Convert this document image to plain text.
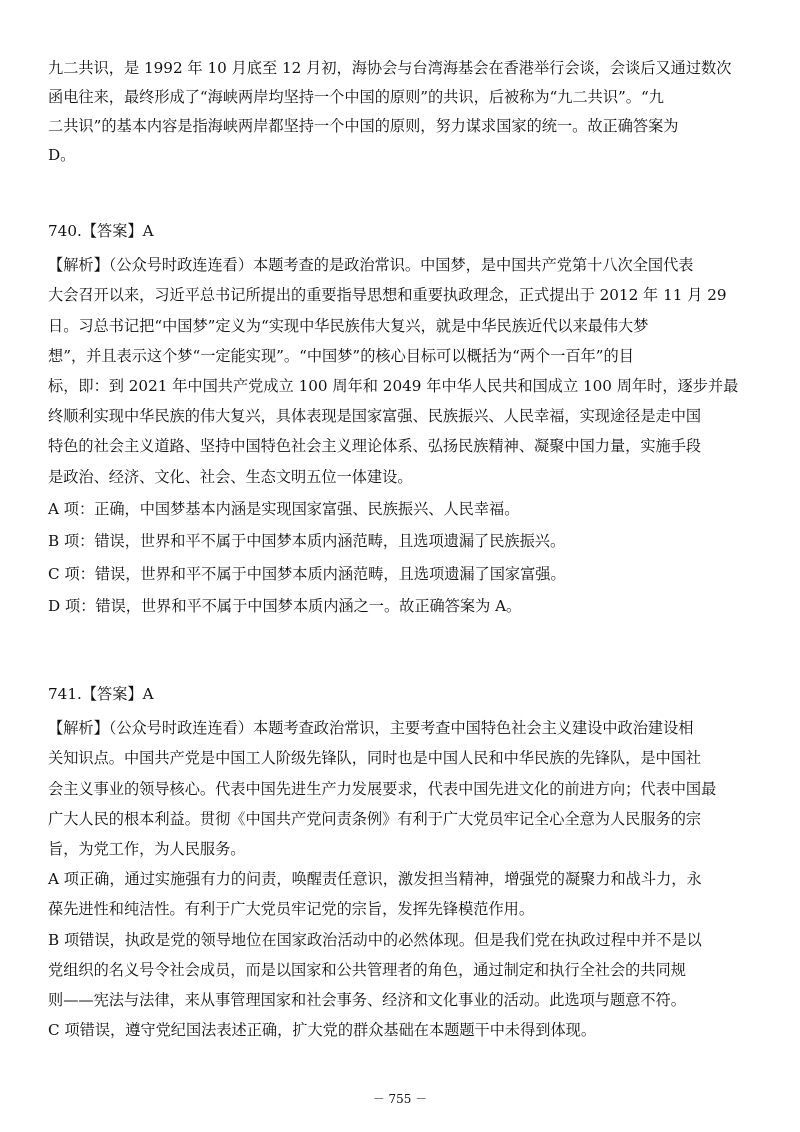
九二共识，是 1992 年 10 月底至 12 月初，海协会与台湾海基会在香港举行会谈，会谈后又通过数次

函电往来，最终形成了“海峡两岸均坚持一个中国的原则”的共识，后被称为“九二共识”。“九

二共识”的基本内容是指海峡两岸都坚持一个中国的原则，努力谋求国家的统一。故正确答案为

D。

740.【答案】A

【解析】（公众号时政连连看）本题考查的是政治常识。中国梦，是中国共产党第十八次全国代表

大会召开以来，习近平总书记所提出的重要指导思想和重要执政理念，正式提出于 2012 年 11 月 29

日。习总书记把“中国梦”定义为“实现中华民族伟大复兴，就是中华民族近代以来最伟大梦

想”，并且表示这个梦“一定能实现”。“中国梦”的核心目标可以概括为“两个一百年”的目

标，即：到 2021 年中国共产党成立 100 周年和 2049 年中华人民共和国成立 100 周年时，逐步并最

终顺利实现中华民族的伟大复兴，具体表现是国家富强、民族振兴、人民幸福，实现途径是走中国

特色的社会主义道路、坚持中国特色社会主义理论体系、弘扬民族精神、凝聚中国力量，实施手段

是政治、经济、文化、社会、生态文明五位一体建设。

A 项：正确，中国梦基本内涵是实现国家富强、民族振兴、人民幸福。

B 项：错误，世界和平不属于中国梦本质内涵范畴，且选项遗漏了民族振兴。

C 项：错误，世界和平不属于中国梦本质内涵范畴，且选项遗漏了国家富强。

D 项：错误，世界和平不属于中国梦本质内涵之一。故正确答案为 A。

741.【答案】A

【解析】（公众号时政连连看）本题考查政治常识，主要考查中国特色社会主义建设中政治建设相

关知识点。中国共产党是中国工人阶级先锋队，同时也是中国人民和中华民族的先锋队，是中国社

会主义事业的领导核心。代表中国先进生产力发展要求，代表中国先进文化的前进方向；代表中国最

广大人民的根本利益。贯彻《中国共产党问责条例》有利于广大党员牢记全心全意为人民服务的宗

旨，为党工作，为人民服务。

A 项正确，通过实施强有力的问责，唤醒责任意识，激发担当精神，增强党的凝聚力和战斗力，永

葆先进性和纯洁性。有利于广大党员牢记党的宗旨，发挥先锋模范作用。

B 项错误，执政是党的领导地位在国家政治活动中的必然体现。但是我们党在执政过程中并不是以

党组织的名义号令社会成员，而是以国家和公共管理者的角色，通过制定和执行全社会的共同规

则——宪法与法律，来从事管理国家和社会事务、经济和文化事业的活动。此选项与题意不符。

C 项错误，遵守党纪国法表述正确，扩大党的群众基础在本题题干中未得到体现。

－ 755 －
